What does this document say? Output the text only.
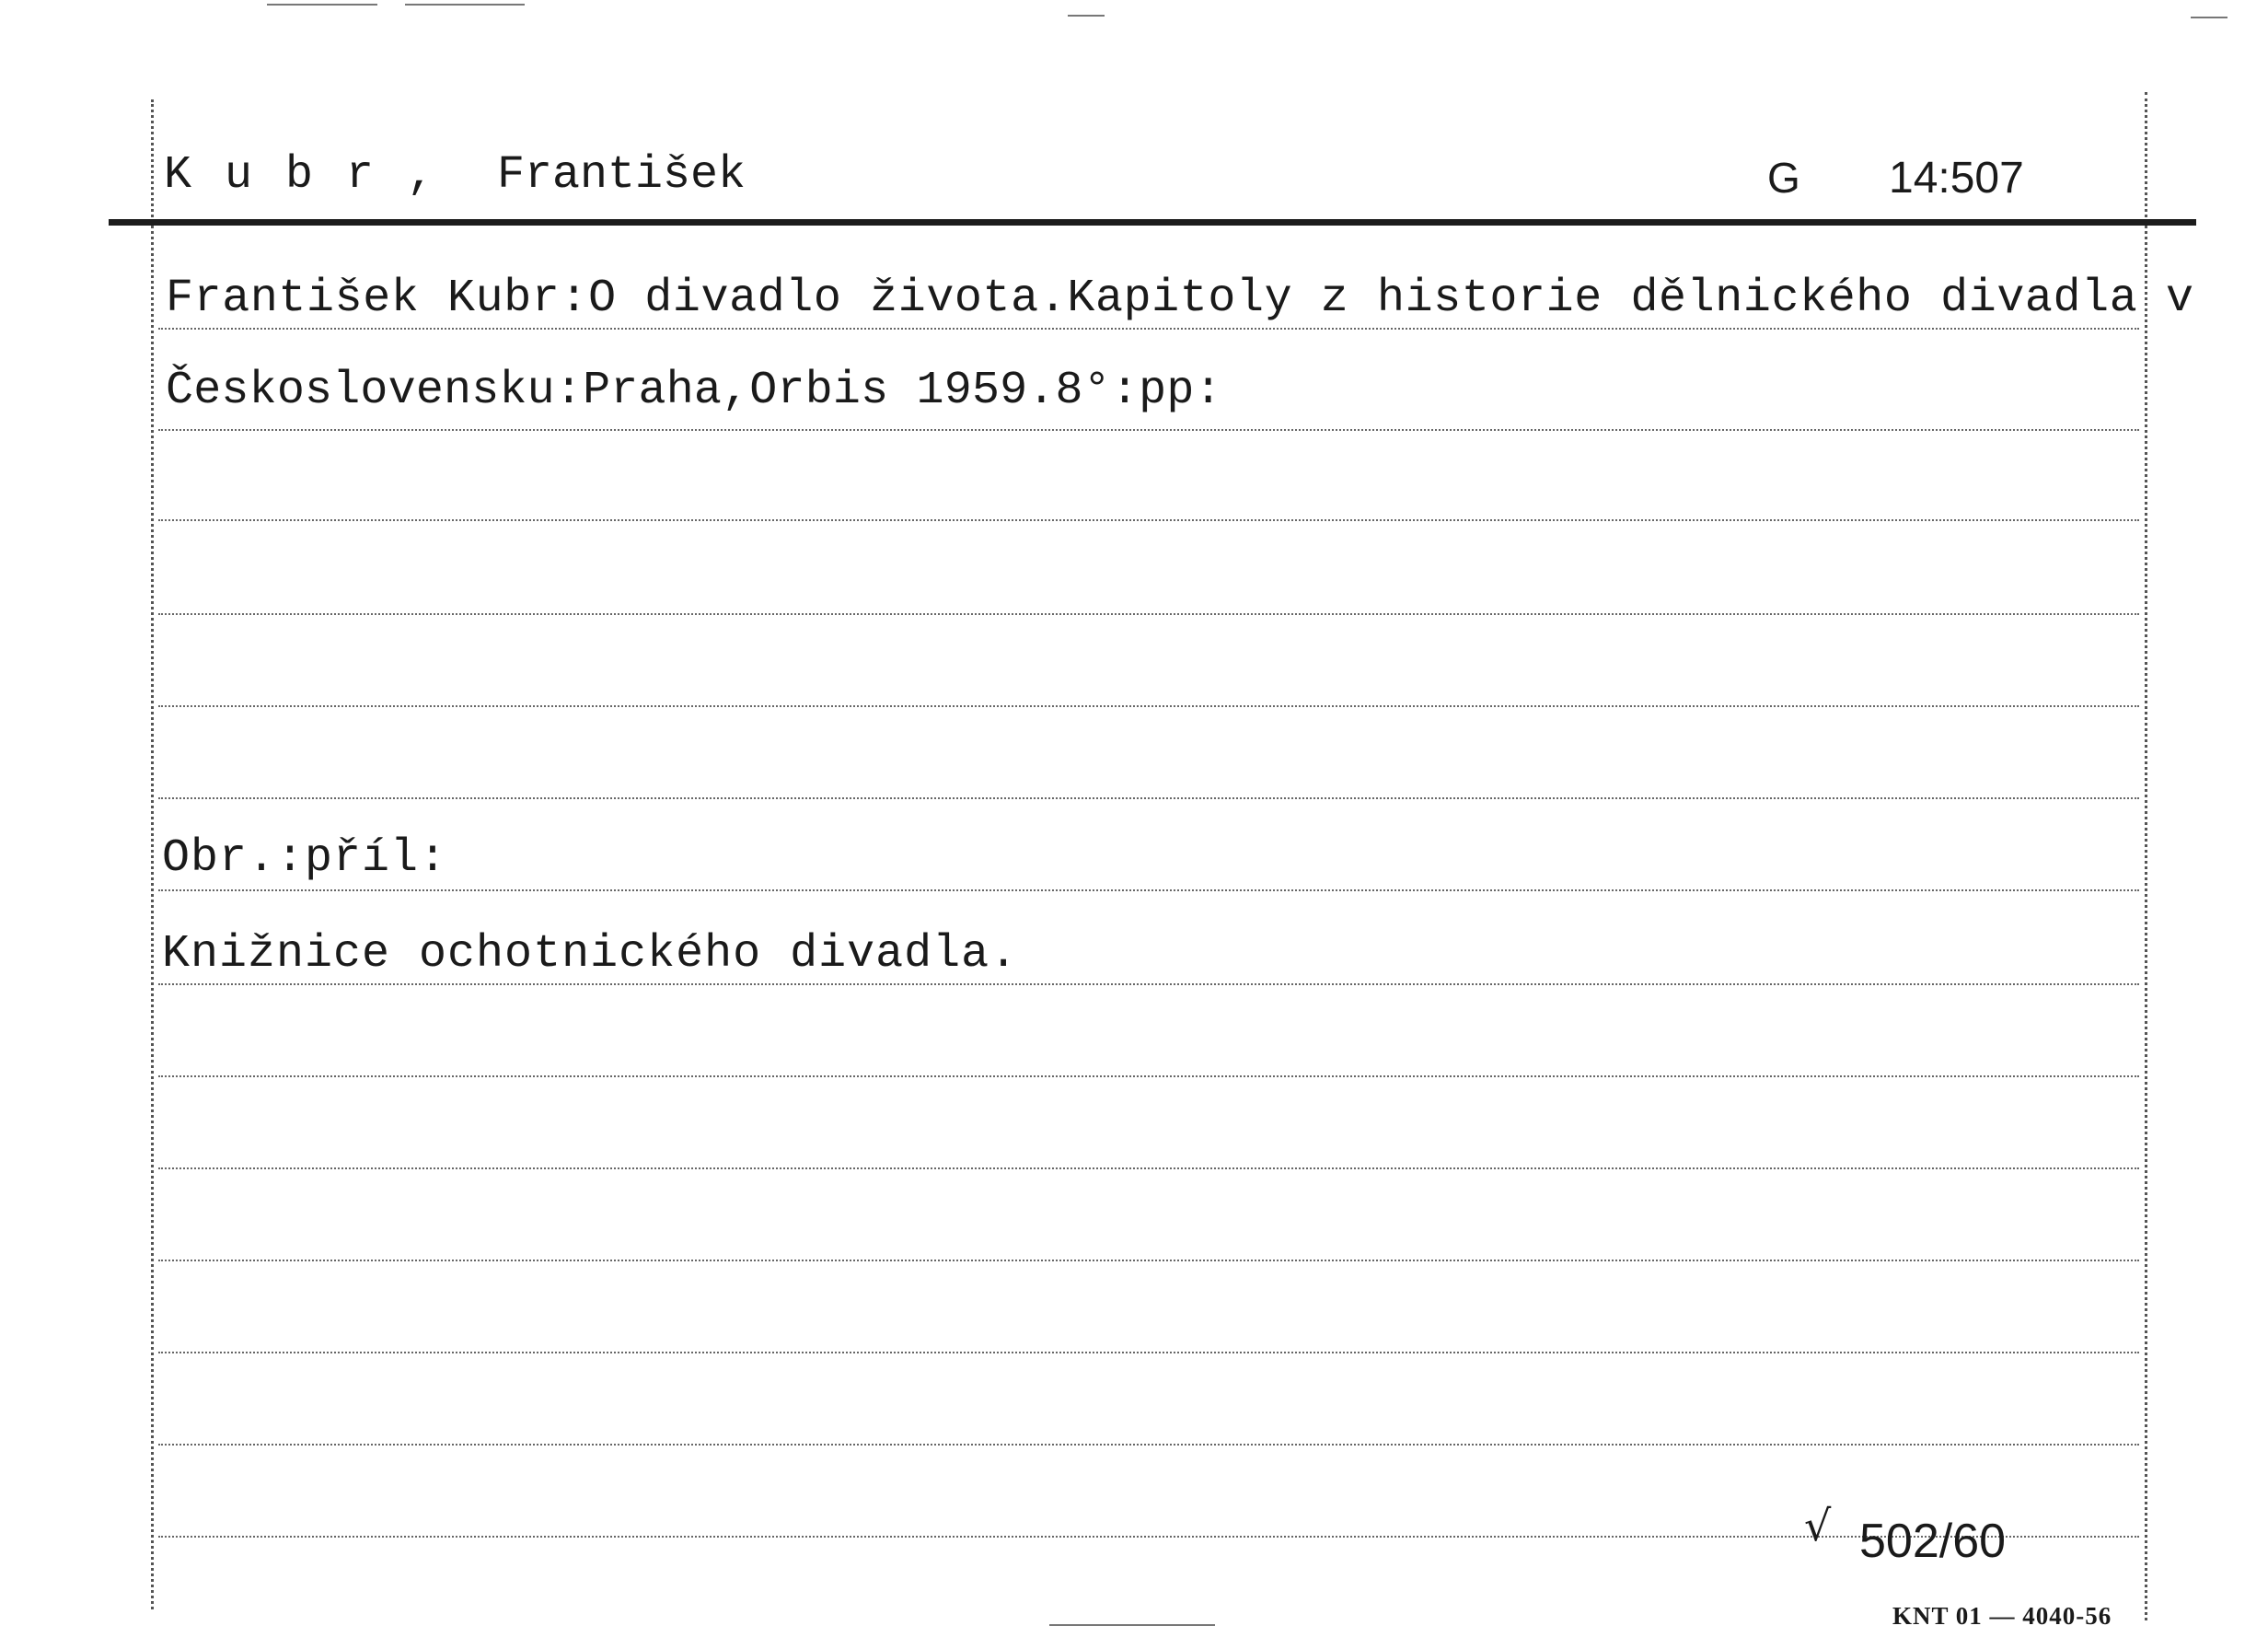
K u b r , František	G 14:507
František Kubr:O divadlo života.Kapitoly z historie dělnického divadla v
Československu:Praha,Orbis 1959.8°:pp:
Obr.:příl:
Knižnice ochotnického divadla.
√ 502/60
KNT 01 — 4040-56
